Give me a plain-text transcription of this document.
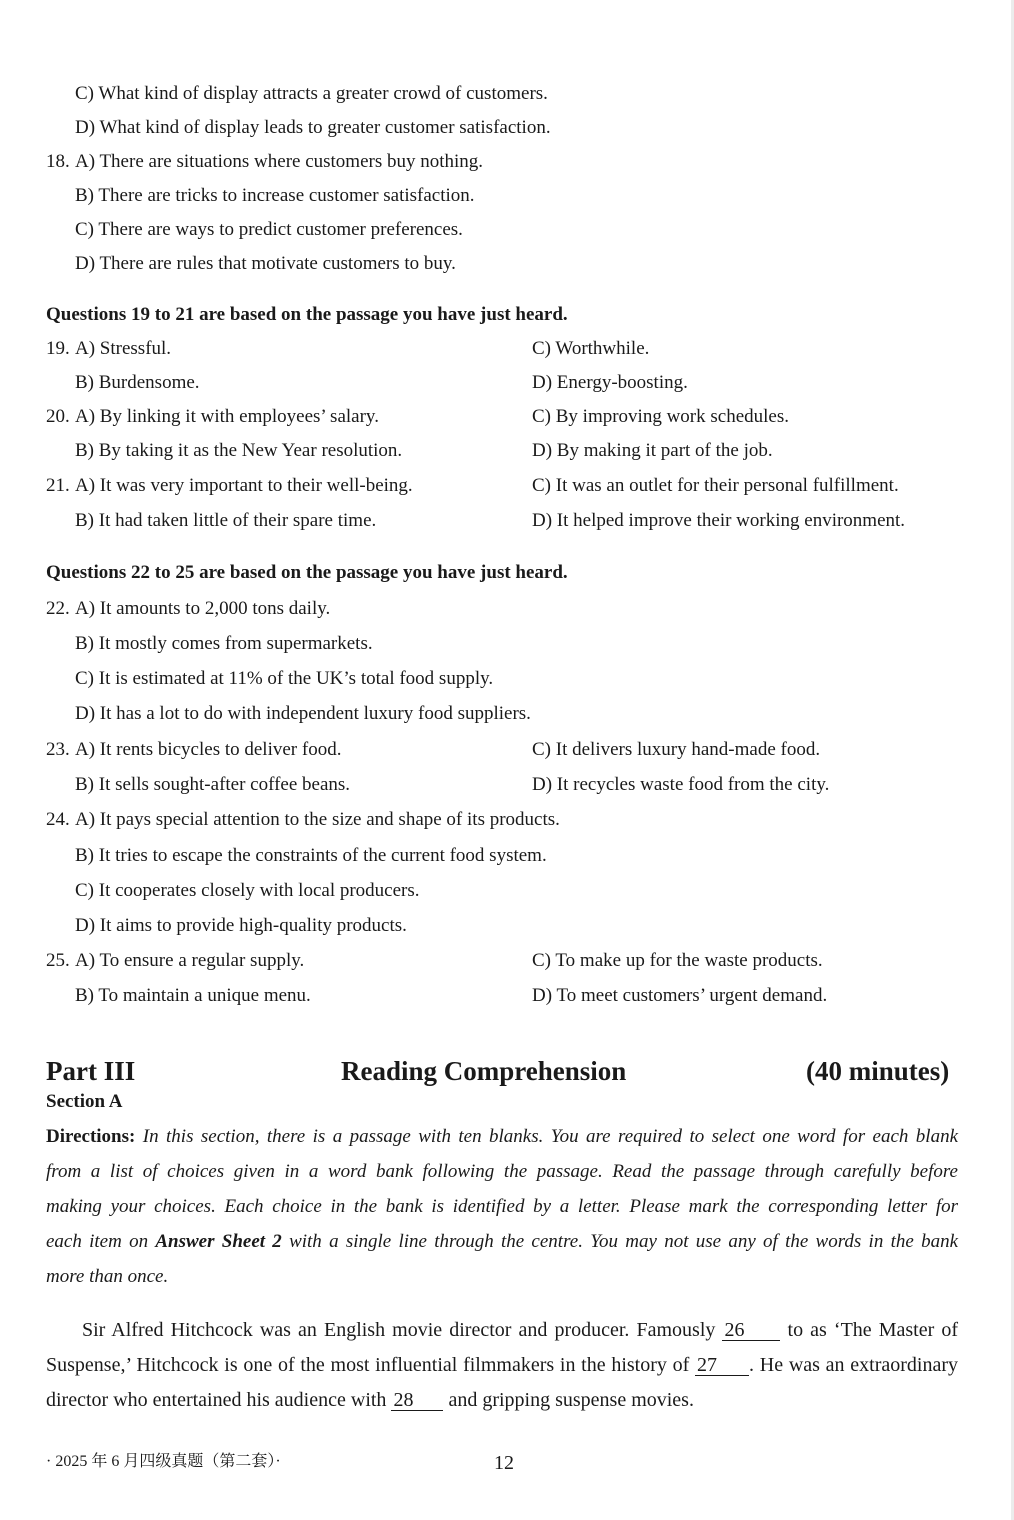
C) What kind of display attracts a greater crowd of customers.
D) What kind of display leads to greater customer satisfaction.
18. A) There are situations where customers buy nothing.
B) There are tricks to increase customer satisfaction.
C) There are ways to predict customer preferences.
D) There are rules that motivate customers to buy.
Questions 19 to 21 are based on the passage you have just heard.
19. A) Stressful.	C) Worthwhile.
B) Burdensome.	D) Energy-boosting.
20. A) By linking it with employees’ salary.	C) By improving work schedules.
B) By taking it as the New Year resolution.	D) By making it part of the job.
21. A) It was very important to their well-being.	C) It was an outlet for their personal fulfillment.
B) It had taken little of their spare time.	D) It helped improve their working environment.
Questions 22 to 25 are based on the passage you have just heard.
22. A) It amounts to 2,000 tons daily.
B) It mostly comes from supermarkets.
C) It is estimated at 11% of the UK’s total food supply.
D) It has a lot to do with independent luxury food suppliers.
23. A) It rents bicycles to deliver food.	C) It delivers luxury hand-made food.
B) It sells sought-after coffee beans.	D) It recycles waste food from the city.
24. A) It pays special attention to the size and shape of its products.
B) It tries to escape the constraints of the current food system.
C) It cooperates closely with local producers.
D) It aims to provide high-quality products.
25. A) To ensure a regular supply.	C) To make up for the waste products.
B) To maintain a unique menu.	D) To meet customers’ urgent demand.
Part III	Reading Comprehension	(40 minutes)
Section A
Directions: In this section, there is a passage with ten blanks. You are required to select one word for each blank
from a list of choices given in a word bank following the passage. Read the passage through carefully before
making your choices. Each choice in the bank is identified by a letter. Please mark the corresponding letter for
each item on Answer Sheet 2 with a single line through the centre. You may not use any of the words in the bank
more than once.
Sir Alfred Hitchcock was an English movie director and producer. Famously 26 to as ‘The Master of
Suspense,’ Hitchcock is one of the most influential filmmakers in the history of 27 . He was an extraordinary
director who entertained his audience with 28 and gripping suspense movies.
· 2025 年 6 月四级真题（第二套）·	12
